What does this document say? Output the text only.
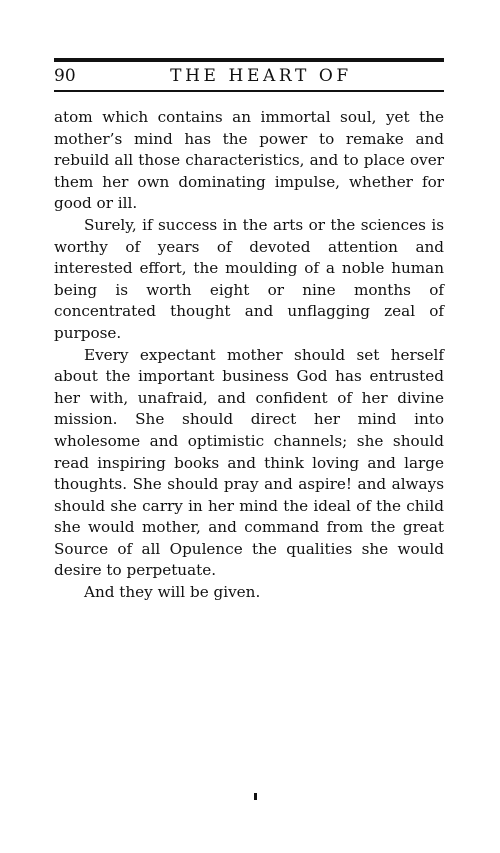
90	THE HEART OF

atom which contains an immortal soul, yet the mother’s mind has the power to remake and rebuild all those characteristics, and to place over them her own dominating impulse, whether for good or ill.

Surely, if success in the arts or the sciences is worthy of years of devoted attention and interested effort, the moulding of a noble human being is worth eight or nine months of concentrated thought and unflagging zeal of purpose.

Every expectant mother should set herself about the important business God has entrusted her with, unafraid, and confident of her divine mission. She should direct her mind into wholesome and optimistic channels; she should read inspiring books and think loving and large thoughts. She should pray and aspire! and always should she carry in her mind the ideal of the child she would mother, and command from the great Source of all Opulence the qualities she would desire to perpetuate.

And they will be given.
